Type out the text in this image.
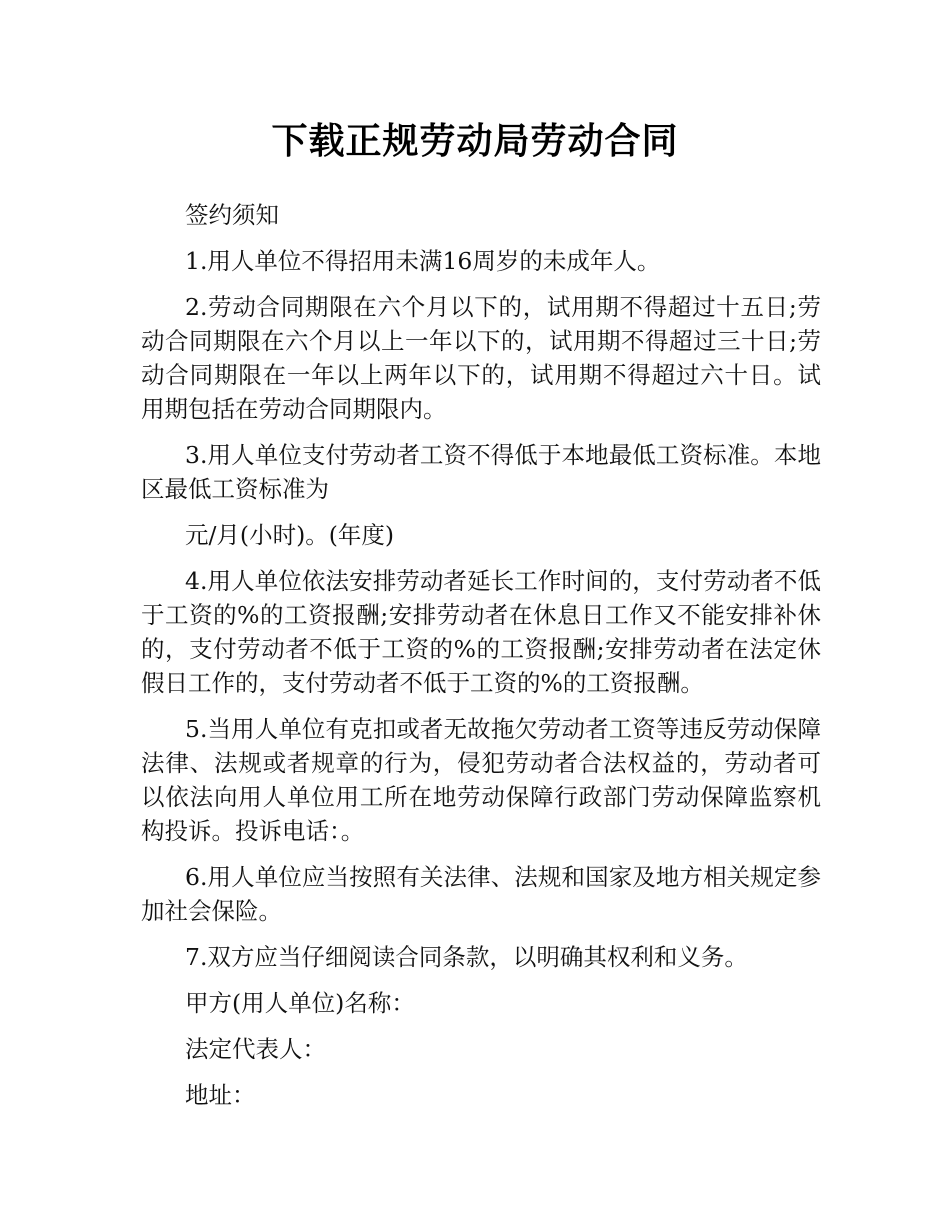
下载正规劳动局劳动合同

签约须知

1.用人单位不得招用未满16周岁的未成年人。

2.劳动合同期限在六个月以下的，试用期不得超过十五日;劳动合同期限在六个月以上一年以下的，试用期不得超过三十日;劳动合同期限在一年以上两年以下的，试用期不得超过六十日。试用期包括在劳动合同期限内。

3.用人单位支付劳动者工资不得低于本地最低工资标准。本地区最低工资标准为

元/月(小时)。(年度)

4.用人单位依法安排劳动者延长工作时间的，支付劳动者不低于工资的%的工资报酬;安排劳动者在休息日工作又不能安排补休的，支付劳动者不低于工资的%的工资报酬;安排劳动者在法定休假日工作的，支付劳动者不低于工资的%的工资报酬。

5.当用人单位有克扣或者无故拖欠劳动者工资等违反劳动保障法律、法规或者规章的行为，侵犯劳动者合法权益的，劳动者可以依法向用人单位用工所在地劳动保障行政部门劳动保障监察机构投诉。投诉电话：。

6.用人单位应当按照有关法律、法规和国家及地方相关规定参加社会保险。

7.双方应当仔细阅读合同条款，以明确其权利和义务。

甲方(用人单位)名称：

法定代表人：

地址：
